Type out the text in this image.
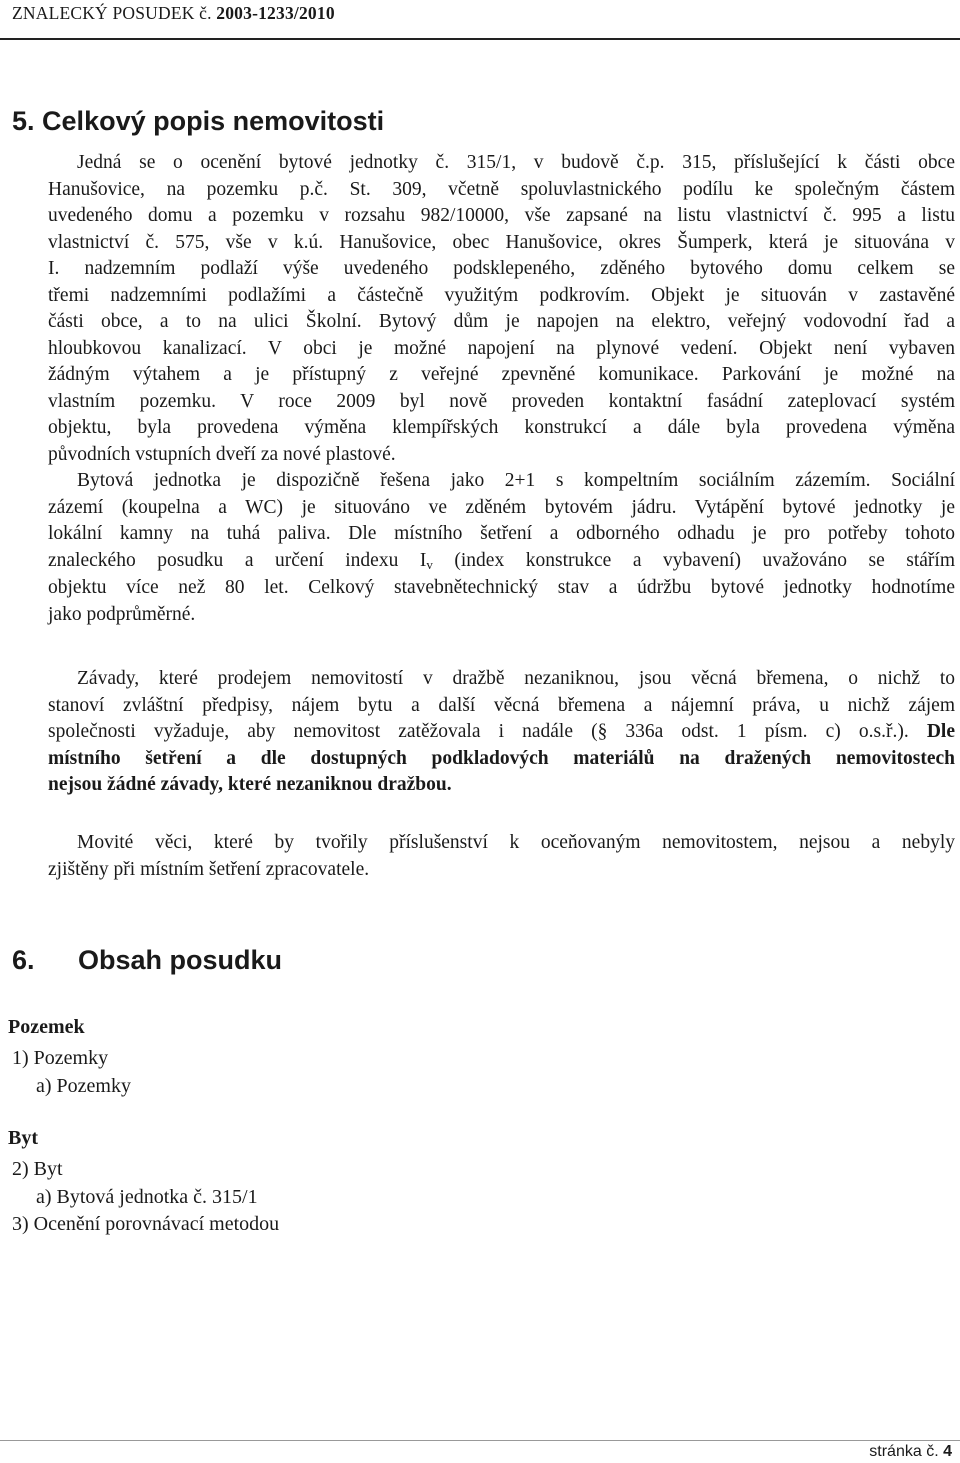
ZNALECKÝ POSUDEK č. 2003-1233/2010
5. Celkový popis nemovitosti
Jedná se o ocenění bytové jednotky č. 315/1, v budově č.p. 315, příslušející k části obce
Hanušovice, na pozemku p.č. St. 309, včetně spoluvlastnického podílu ke společným částem
uvedeného domu a pozemku v rozsahu 982/10000, vše zapsané na listu vlastnictví č. 995 a listu
vlastnictví č. 575, vše v k.ú. Hanušovice, obec Hanušovice, okres Šumperk, která je situována v
I. nadzemním podlaží výše uvedeného podsklepeného, zděného bytového domu celkem se
třemi nadzemními podlažími a částečně využitým podkrovím. Objekt je situován v zastavěné
části obce, a to na ulici Školní. Bytový dům je napojen na elektro, veřejný vodovodní řad a
hloubkovou kanalizací. V obci je možné napojení na plynové vedení. Objekt není vybaven
žádným výtahem a je přístupný z veřejné zpevněné komunikace. Parkování je možné na
vlastním pozemku. V roce 2009 byl nově proveden kontaktní fasádní zateplovací systém
objektu, byla provedena výměna klempířských konstrukcí a dále byla provedena výměna
původních vstupních dveří za nové plastové.
Bytová jednotka je dispozičně řešena jako 2+1 s kompeltním sociálním zázemím. Sociální
zázemí (koupelna a WC) je situováno ve zděném bytovém jádru. Vytápění bytové jednotky je
lokální kamny na tuhá paliva. Dle místního šetření a odborného odhadu je pro potřeby tohoto
znaleckého posudku a určení indexu Iv (index konstrukce a vybavení) uvažováno se stářím
objektu více než 80 let. Celkový stavebnětechnický stav a údržbu bytové jednotky hodnotíme
jako podprůměrné.
Závady, které prodejem nemovitostí v dražbě nezaniknou, jsou věcná břemena, o nichž to
stanoví zvláštní předpisy, nájem bytu a další věcná břemena a nájemní práva, u nichž zájem
společnosti vyžaduje, aby nemovitost zatěžovala i nadále (§ 336a odst. 1 písm. c) o.s.ř.). Dle
místního šetření a dle dostupných podkladových materiálů na dražených nemovitostech
nejsou žádné závady, které nezaniknou dražbou.
Movité věci, které by tvořily příslušenství k oceňovaným nemovitostem, nejsou a nebyly
zjištěny při místním šetření zpracovatele.
6. Obsah posudku
Pozemek
1) Pozemky
a) Pozemky
Byt
2) Byt
a) Bytová jednotka č. 315/1
3) Ocenění porovnávací metodou
stránka č. 4
